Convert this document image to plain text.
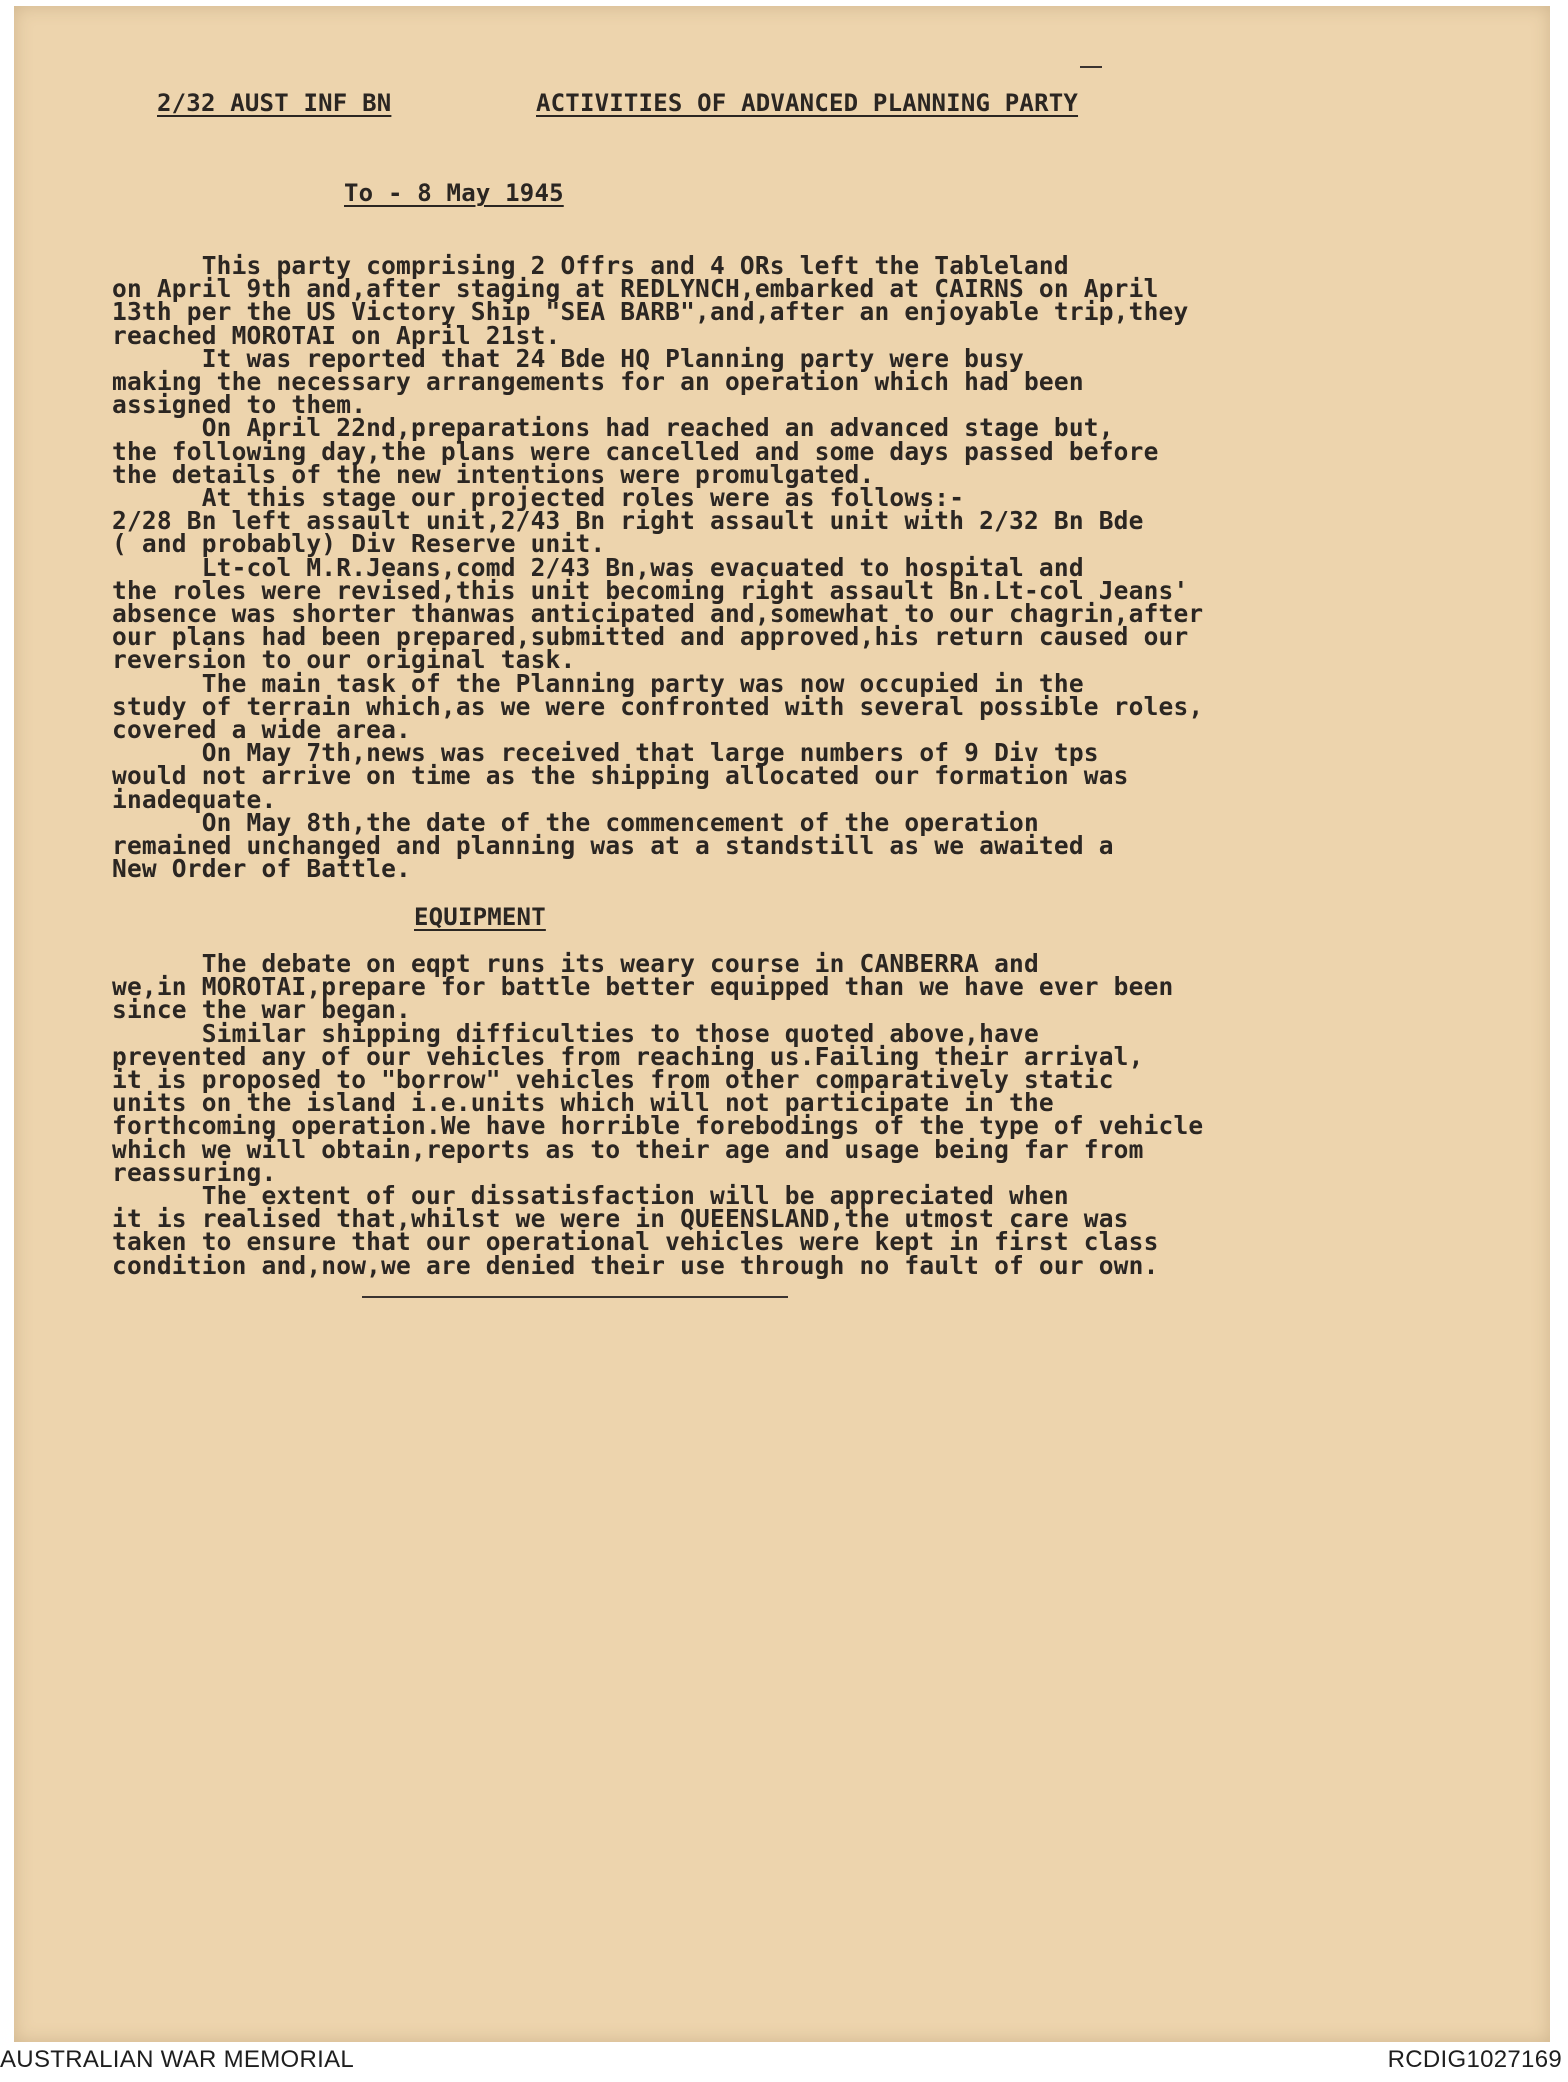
2/32 AUST INF BN	ACTIVITIES OF ADVANCED PLANNING PARTY
To - 8 May 1945
This party comprising 2 Offrs and 4 ORs left the Tableland
on April 9th and,after staging at REDLYNCH,embarked at CAIRNS on April
13th per the US Victory Ship "SEA BARB",and,after an enjoyable trip,they
reached MOROTAI on April 21st.
It was reported that 24 Bde HQ Planning party were busy
making the necessary arrangements for an operation which had been
assigned to them.
On April 22nd,preparations had reached an advanced stage but,
the following day,the plans were cancelled and some days passed before
the details of the new intentions were promulgated.
At this stage our projected roles were as follows:-
2/28 Bn left assault unit,2/43 Bn right assault unit with 2/32 Bn Bde
( and probably) Div Reserve unit.
Lt-col M.R.Jeans,comd 2/43 Bn,was evacuated to hospital and
the roles were revised,this unit becoming right assault Bn.Lt-col Jeans'
absence was shorter thanwas anticipated and,somewhat to our chagrin,after
our plans had been prepared,submitted and approved,his return caused our
reversion to our original task.
The main task of the Planning party was now occupied in the
study of terrain which,as we were confronted with several possible roles,
covered a wide area.
On May 7th,news was received that large numbers of 9 Div tps
would not arrive on time as the shipping allocated our formation was
inadequate.
On May 8th,the date of the commencement of the operation
remained unchanged and planning was at a standstill as we awaited a
New Order of Battle.
EQUIPMENT
The debate on eqpt runs its weary course in CANBERRA and
we,in MOROTAI,prepare for battle better equipped than we have ever been
since the war began.
Similar shipping difficulties to those quoted above,have
prevented any of our vehicles from reaching us.Failing their arrival,
it is proposed to "borrow" vehicles from other comparatively static
units on the island i.e.units which will not participate in the
forthcoming operation.We have horrible forebodings of the type of vehicle
which we will obtain,reports as to their age and usage being far from
reassuring.
The extent of our dissatisfaction will be appreciated when
it is realised that,whilst we were in QUEENSLAND,the utmost care was
taken to ensure that our operational vehicles were kept in first class
condition and,now,we are denied their use through no fault of our own.
AUSTRALIAN WAR MEMORIAL	RCDIG1027169
